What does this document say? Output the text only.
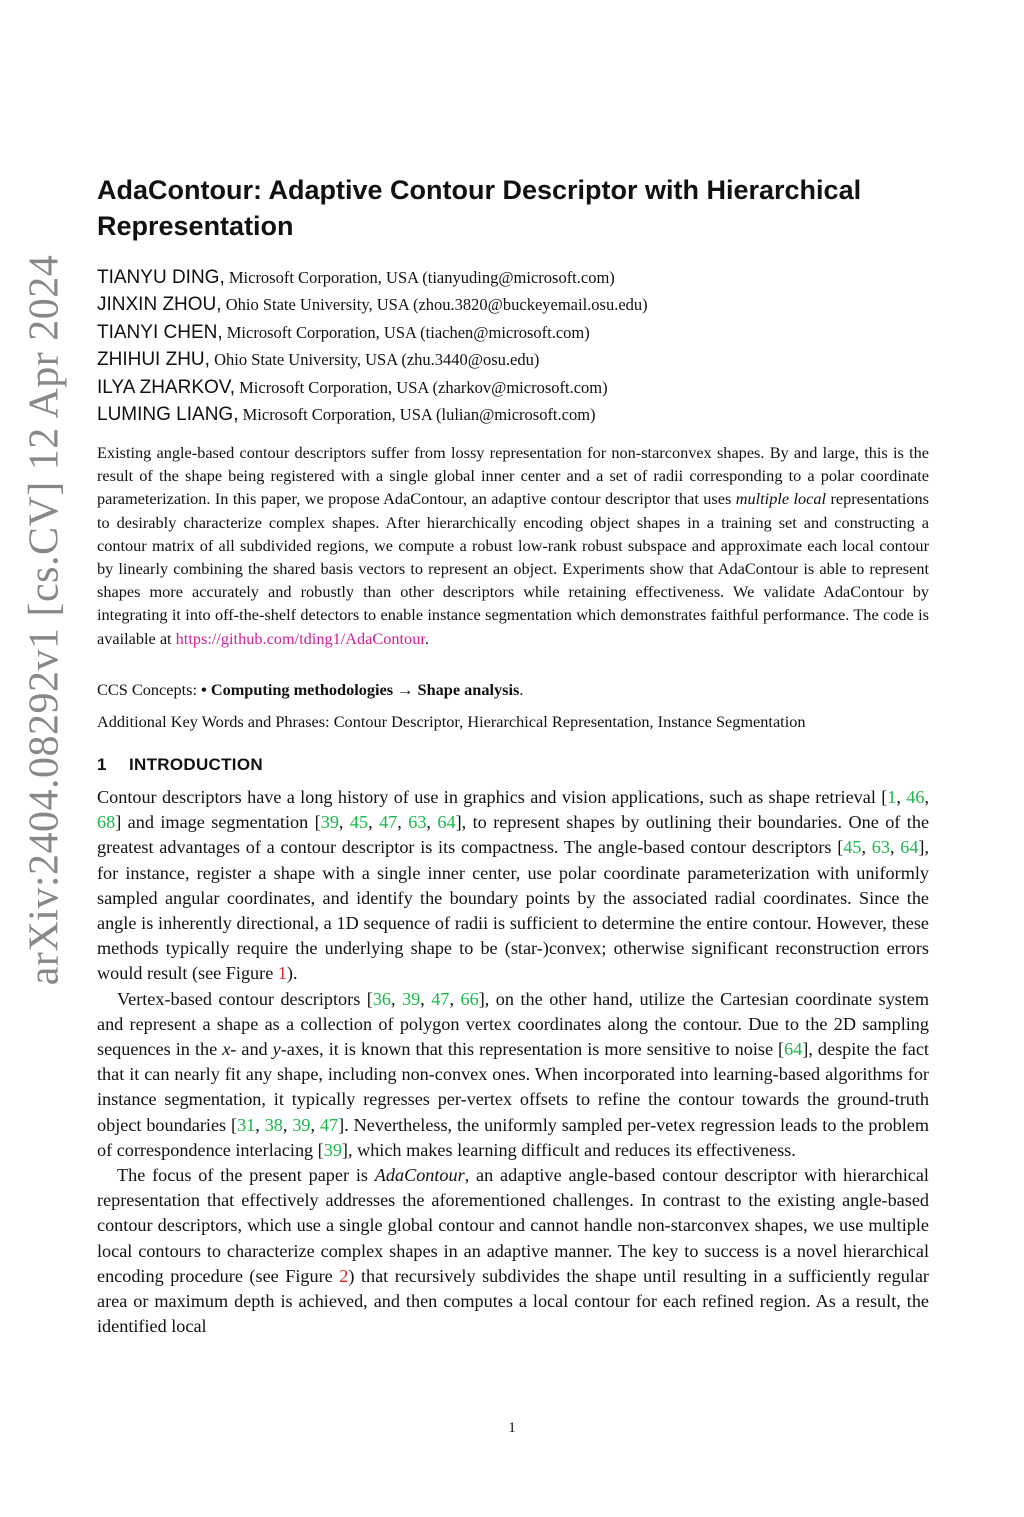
arXiv:2404.08292v1 [cs.CV] 12 Apr 2024
AdaContour: Adaptive Contour Descriptor with Hierarchical Representation
TIANYU DING, Microsoft Corporation, USA (tianyuding@microsoft.com)
JINXIN ZHOU, Ohio State University, USA (zhou.3820@buckeyemail.osu.edu)
TIANYI CHEN, Microsoft Corporation, USA (tiachen@microsoft.com)
ZHIHUI ZHU, Ohio State University, USA (zhu.3440@osu.edu)
ILYA ZHARKOV, Microsoft Corporation, USA (zharkov@microsoft.com)
LUMING LIANG, Microsoft Corporation, USA (lulian@microsoft.com)
Existing angle-based contour descriptors suffer from lossy representation for non-starconvex shapes. By and large, this is the result of the shape being registered with a single global inner center and a set of radii corresponding to a polar coordinate parameterization. In this paper, we propose AdaContour, an adaptive contour descriptor that uses multiple local representations to desirably characterize complex shapes. After hierarchically encoding object shapes in a training set and constructing a contour matrix of all subdivided regions, we compute a robust low-rank robust subspace and approximate each local contour by linearly combining the shared basis vectors to represent an object. Experiments show that AdaContour is able to represent shapes more accurately and robustly than other descriptors while retaining effectiveness. We validate AdaContour by integrating it into off-the-shelf detectors to enable instance segmentation which demonstrates faithful performance. The code is available at https://github.com/tding1/AdaContour.
CCS Concepts: • Computing methodologies → Shape analysis.
Additional Key Words and Phrases: Contour Descriptor, Hierarchical Representation, Instance Segmentation
1 INTRODUCTION

Contour descriptors have a long history of use in graphics and vision applications, such as shape retrieval [1, 46, 68] and image segmentation [39, 45, 47, 63, 64], to represent shapes by outlining their boundaries. One of the greatest advantages of a contour descriptor is its compactness. The angle-based contour descriptors [45, 63, 64], for instance, register a shape with a single inner center, use polar coordinate parameterization with uniformly sampled angular coordinates, and identify the boundary points by the associated radial coordinates. Since the angle is inherently directional, a 1D sequence of radii is sufficient to determine the entire contour. However, these methods typically require the underlying shape to be (star-)convex; otherwise significant reconstruction errors would result (see Figure 1).

Vertex-based contour descriptors [36, 39, 47, 66], on the other hand, utilize the Cartesian coordinate system and represent a shape as a collection of polygon vertex coordinates along the contour. Due to the 2D sampling sequences in the x- and y-axes, it is known that this representation is more sensitive to noise [64], despite the fact that it can nearly fit any shape, including non-convex ones. When incorporated into learning-based algorithms for instance segmentation, it typically regresses per-vertex offsets to refine the contour towards the ground-truth object boundaries [31, 38, 39, 47]. Nevertheless, the uniformly sampled per-vetex regression leads to the problem of correspondence interlacing [39], which makes learning difficult and reduces its effectiveness.

The focus of the present paper is AdaContour, an adaptive angle-based contour descriptor with hierarchical representation that effectively addresses the aforementioned challenges. In contrast to the existing angle-based contour descriptors, which use a single global contour and cannot handle non-starconvex shapes, we use multiple local contours to characterize complex shapes in an adaptive manner. The key to success is a novel hierarchical encoding procedure (see Figure 2) that recursively subdivides the shape until resulting in a sufficiently regular area or maximum depth is achieved, and then computes a local contour for each refined region. As a result, the identified local

1
